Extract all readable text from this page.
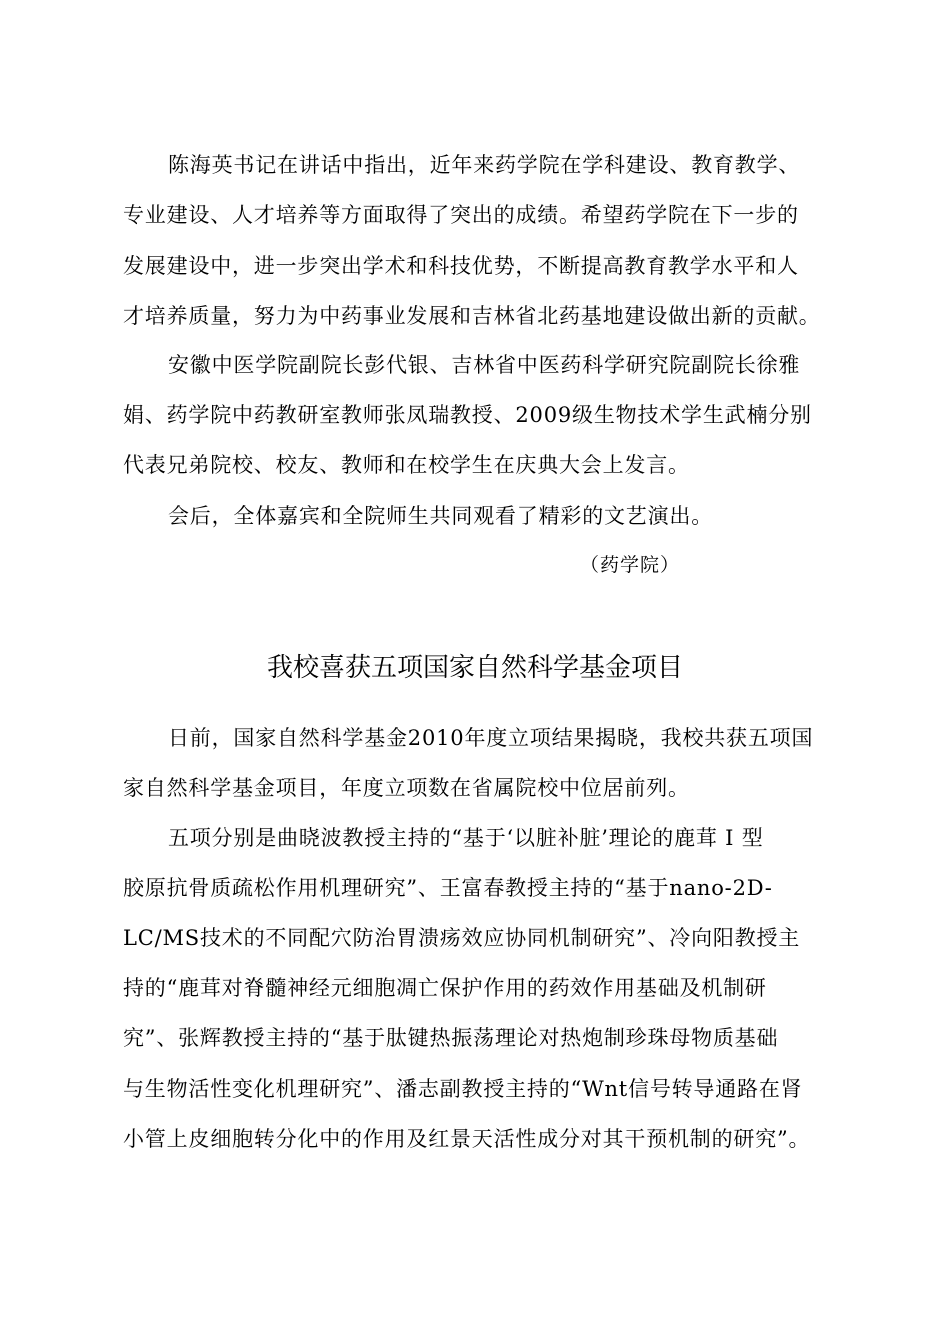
陈海英书记在讲话中指出，近年来药学院在学科建设、教育教学、
专业建设、人才培养等方面取得了突出的成绩。希望药学院在下一步的
发展建设中，进一步突出学术和科技优势，不断提高教育教学水平和人
才培养质量，努力为中药事业发展和吉林省北药基地建设做出新的贡献。
安徽中医学院副院长彭代银、吉林省中医药科学研究院副院长徐雅
娟、药学院中药教研室教师张凤瑞教授、2009级生物技术学生武楠分别
代表兄弟院校、校友、教师和在校学生在庆典大会上发言。
会后，全体嘉宾和全院师生共同观看了精彩的文艺演出。
（药学院）
我校喜获五项国家自然科学基金项目
日前，国家自然科学基金2010年度立项结果揭晓，我校共获五项国
家自然科学基金项目，年度立项数在省属院校中位居前列。
五项分别是曲晓波教授主持的“基于‘以脏补脏’理论的鹿茸 I 型
胶原抗骨质疏松作用机理研究”、王富春教授主持的“基于nano-2D-
LC/MS技术的不同配穴防治胃溃疡效应协同机制研究”、冷向阳教授主
持的“鹿茸对脊髓神经元细胞凋亡保护作用的药效作用基础及机制研
究”、张辉教授主持的“基于肽键热振荡理论对热炮制珍珠母物质基础
与生物活性变化机理研究”、潘志副教授主持的“Wnt信号转导通路在肾
小管上皮细胞转分化中的作用及红景天活性成分对其干预机制的研究”。
